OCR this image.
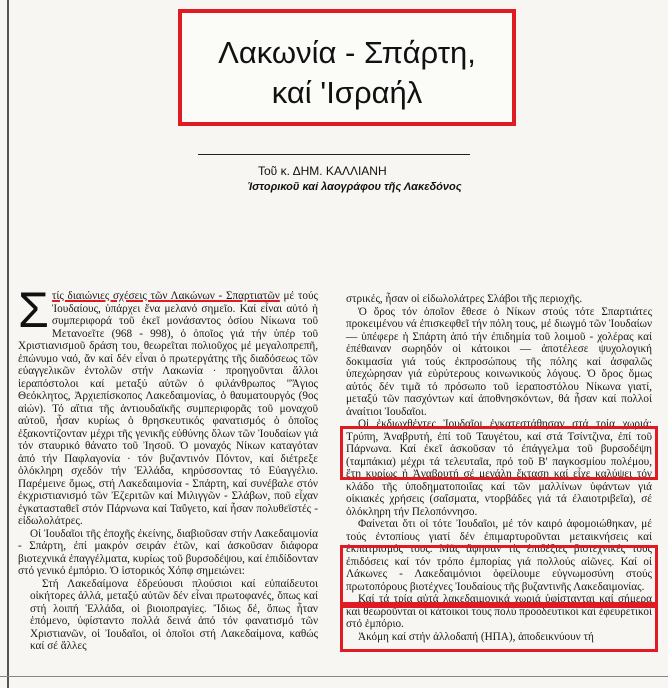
Λακωνία - Σπάρτη,
καί 'Ισραήλ
Τοῦ κ. ΔΗΜ. ΚΑΛΛΙΑΝΗ
Ἱστορικοῦ καί λαογράφου τῆς Λακεδόνος

Σ τίς διαιώνιες σχέσεις τῶν Λακώνων - Σπαρτιατῶν μέ τούς Ἰουδαίους, ὑπάρχει ἕνα μελανό σημεῖο. Καί εἶναι αὐτό ἡ συμπεριφορά τοῦ ἐκεῖ μονάσαντος ὁσίου Νίκωνα τοῦ Μετανοεῖτε (968 - 998), ὁ ὁποῖος γιά τήν ὑπέρ τοῦ Χριστιανισμοῦ δράση του, θεωρεῖται πολιοῦχος μέ μεγαλοπρεπῆ, ἐπώνυμο ναό, ἄν καί δέν εἶναι ὁ πρωτεργάτης τῆς διαδόσεως τῶν εὐαγγελικῶν ἐντολῶν στήν Λακωνία · προηγοῦνται ἄλλοι ἱεραπόστολοι καί μεταξύ αὐτῶν ὁ φιλάνθρωπος "Ἅγιος Θεόκλητος, Ἀρχιεπίσκοπος Λακεδαιμονίας, ὁ θαυματουργός (9ος αἰών). Τό αἴτια τῆς ἀντιουδαϊκῆς συμπεριφορᾶς τοῦ μοναχοῦ αὐτοῦ, ἦσαν κυρίως ὁ θρησκευτικός φανατισμός ὁ ὁποῖος ἐξακοντίζονταν μέχρι τῆς γενικῆς εὐθύνης ὅλων τῶν Ἰουδαίων γιά τόν σταυρικό θάνατο τοῦ Ἰησοῦ. Ὁ μοναχός Νίκων καταγόταν ἀπό τήν Παφλαγονία · τόν βυζαντινόν Πόντον, καί διέτρεξε ὁλόκληρη σχεδόν τήν Ἑλλάδα, κηρύσσοντας τό Εὐαγγέλιο. Παρέμεινε ὅμως, στή Λακεδαιμονία - Σπάρτη, καί συνέβαλε στόν ἐκχριστιανισμό τῶν Ἐζεριτῶν καί Μιλιγγῶν - Σλάβων, ποῦ εἶχαν ἐγκατασταθεῖ στόν Πάρνωνα καί Ταΰγετο, καί ἦσαν πολυθεϊστές - εἰδωλολάτρες.

Οἱ Ἰουδαῖοι τῆς ἐποχῆς ἐκείνης, διαβιοῦσαν στήν Λακεδαιμονία - Σπάρτη, ἐπί μακρόν σειράν ἐτῶν, καί ἀσκοῦσαν διάφορα βιοτεχνικά ἐπαγγέλματα, κυρίως τοῦ βυρσοδέψου, καί ἐπιδίδονταν στό γενικό ἐμπόριο. Ὁ ἱστορικός Χόπφ σημειώνει:

Στή Λακεδαίμονα ἑδρεύουσι πλούσιοι καί εὐπαίδευτοι οἰκήτορες ἀλλά, μεταξύ αὐτῶν δέν εἶναι πρωτοφανές, ὅπως καί στή λοιπή Ἑλλάδα, οἱ βιοιοπραγίες. Ἴδιως δέ, ὅπως ἦταν ἑπόμενο, ὑφίσταντο πολλά δεινά ἀπό τόν φανατισμό τῶν Χριστιανῶν, οἱ Ἰουδαῖοι, οἱ ὁποῖοι στή Λακεδαίμονα, καθώς καί σέ ἄλλες

στρικές, ἦσαν οἱ εἰδωλολάτρες Σλάβοι τῆς περιοχῆς.

Ὁ ὅρος τόν ὁποῖον ἔθεσε ὁ Νίκων στούς τότε Σπαρτιάτες προκειμένου νά ἐπισκεφθεῖ τήν πόλη τους, μέ διωγμό τῶν Ἰουδαίων — ὑπέφερε ἡ Σπάρτη ἀπό τήν ἐπιδημία τοῦ λοιμοῦ - χολέρας καί ἐπέθαιναν σωρηδόν οἱ κάτοικοι — ἀποτέλεσε ψυχολογική δοκιμασία γιά τούς ἐκπροσώπους τῆς πόλης καί ἀσφαλῶς ὑπεχώρησαν γιά εὐρύτερους κοινωνικούς λόγους. Ὁ ὅρος ὅμως αὐτός δέν τιμᾶ τό πρόσωπο τοῦ ἱεραποστόλου Νίκωνα γιατί, μεταξύ τῶν πασχόντων καί ἀποθνησκόντων, θά ἦσαν καί πολλοί ἀναίτιοι Ἰουδαῖοι.

Οἱ ἐκδιωχθέντες Ἰουδαῖοι ἐγκατεστάθησαν στά τρία χωριά: Τρύπη, Ἀναβρυτή, ἐπί τοῦ Ταυγέτου, καί στά Τσίντζινα, ἐπί τοῦ Πάρνωνα. Καί ἐκεῖ ἀσκοῦσαν τό ἐπάγγελμα τοῦ βυρσοδέψη (ταμπάκια) μέχρι τά τελευταῖα, πρό τοῦ Β' παγκοσμίου πολέμου, ἔτη κυρίως ἡ Ἀναβρυτή σέ μεγάλη ἔκταση καί εἶχε καλύψει τόν κλάδο τῆς ὑποδηματοποιΐας καί τῶν μαλλίνων ὑφάντων γιά οἰκιακές χρήσεις (σαΐσματα, ντορβάδες γιά τά ἐλαιοτριβεῖα), σέ ὁλόκληρη τήν Πελοπόννησο.

Φαίνεται ὅτι οἱ τότε Ἰουδαῖοι, μέ τόν καιρό ἀφομοιώθηκαν, μέ τούς ἐντοπίους γιατί δέν ἐπιμαρτυροῦνται μεταικνήσεις καί ἐκπατρισμός τους. Μᾶς ἄφησαν τίς ἐπιδέξιες βιοτεχνικές τους ἐπιδόσεις καί τόν τρόπο ἐμπορίας γιά πολλούς αἰῶνες. Καί οἱ Λάκωνες - Λακεδαιμόνιοι ὀφείλουμε εὐγνωμοσύνη στούς πρωτοπόρους βιοτέχνες Ἰουδαίους τῆς βυζαντινῆς Λακεδαιμονίας.

Καί τά τρία αὐτά λακεδαιμονικά χωριά ὑφίστανται καί σήμερα καί θεωροῦνται οἱ κάτοικοί τους πολύ προοδευτικοί καί ἐφευρετικοί στό ἐμπόριο.

Ἀκόμη καί στήν ἀλλοδαπή (ΗΠΑ), ἀποδεικνύουν τή
